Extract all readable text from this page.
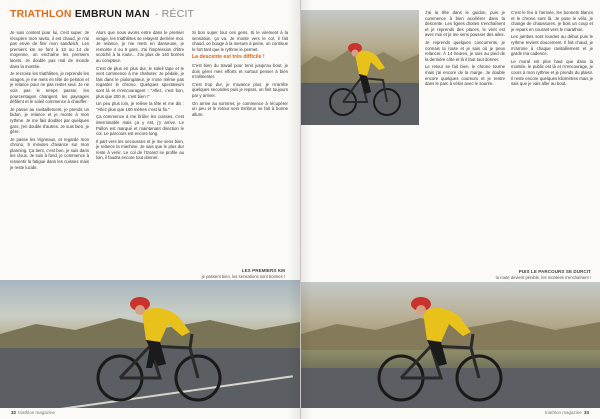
TRIATHLON EMBRUN MAN - RÉCIT

Je suis content pour lui, c'est super. Je récupère mon ravito, il est chaud, je n'ai pas envie de finir mon sandwich. Les premiers km se font à 13 ou 14 de moyenne, on enchaîne les premiers lacets. Je double pas mal de monde dans la montée.

Je recroise les triathlètes, je reprends les virages, je me mets en tête de peloton et je relance pour ne pas rester seul. Je ne vois pas le temps passer, les pourcentages changent, les paysages défilent et le soleil commence à chauffer.

Je passe au ravitaillement, je prends un bidon, je relance et je monte à mon rythme. Je me fais doubler par quelques gars, j'en double d'autres. Je suis bien, je gère.

Je passe les Vigneaux, et regarde mon chrono, 5 minutes d'avance sur mon planning. Ça tient, c'est bon, je suis dans les clous. Je suis à fond, je commence à ressentir la fatigue dans les cuisses mais je reste lucide.

Alors que nous avons entre dans le premier virage, les triathlètes se relayent derrière moi. Je relance, je me mets en danseuse, je remonte 4 ou 5 gars. J'ai l'impression d'être scotché à la route... J'ai plus de 140 bornes au compteur.

C'est de plus en plus dur, le soleil tape et le vent commence à me chahuter. Je pédale, je fais dans le piolongateur, je n'ose même pas regarder le chrono. Quelques spectateurs sont là et m'encouragent : "Allez, c'est bon, plus que 200 m, c'est bien !"

Un peu plus loin, je relève la tête et me dis : "Allez plus que 100 mètres c'est la fin."

Ça commence à me brûler les cuisses, c'est interminable mais ça y est, j'y arrive. Le Pallon est marqué et maintenant direction le col. Le parcours est encore long.

Il part vers les secousses et je me sens bien, je relance la machine. Je sais que le plus dur reste à venir. Le col de l'Izoard se profile au loin, il faudra encore tout donner.

Si bon super tour ces gens. Si le virement à la sensation, ça va. Je monte vers le col, il fait chaud, on bouge à la mesure à peine, on continue le fort tant que le rythme le permet.

La descente est très difficile !

C'est bien du travail pour tenir jusqu'au bout, je dois gérer mes efforts et surtout penser à bien m'alimenter.

C'est trop dur, je n'avance plus, je m'arrête quelques secondes puis je repars, on finit toujours par y arriver.

On arrive au sommet, je commence à récupérer un peu et le retour vers Embrun se fait à bonne allure.

LES PREMIERS KM
je passent bien, les sensations sont bonnes !
32 triathlon magazine

J'ai la tête dans le guidon, puis je commence à bien accélérer dans la descente. Les lignes droites s'enchaînent et je reprends des places, le vent est avec moi et je me sens pousser des ailes.

Je reprends quelques concurrents, je connais la route et je sais où je peux relancer. À 14 heures, je suis au pied de la dernière côte et là il faut tout donner.

Le retour se fait bien, le chrono tourne mais j'ai encore de la marge. Je double encore quelques coureurs et je rentre dans le parc à vélos avec le sourire.

C'est le feu à l'arrivée, les bonnets blancs et le chrono sont là. Je pose le vélo, je change de chaussures, je bois un coup et je repars en courant vers le marathon.

Les jambes sont lourdes au début puis le rythme revient doucement. Il fait chaud, je m'arrose à chaque ravitaillement et je garde ma cadence.

Le moral est plus haut que dans la montée, le public est là et m'encourage, je cours à mon rythme et je prends du plaisir. Il reste encore quelques kilomètres mais je sais que je vais aller au bout.

PUIS LE PARCOURS SE DURCIT
la route devient pénible, les montées s'enchaînent !
triathlon magazine 33
